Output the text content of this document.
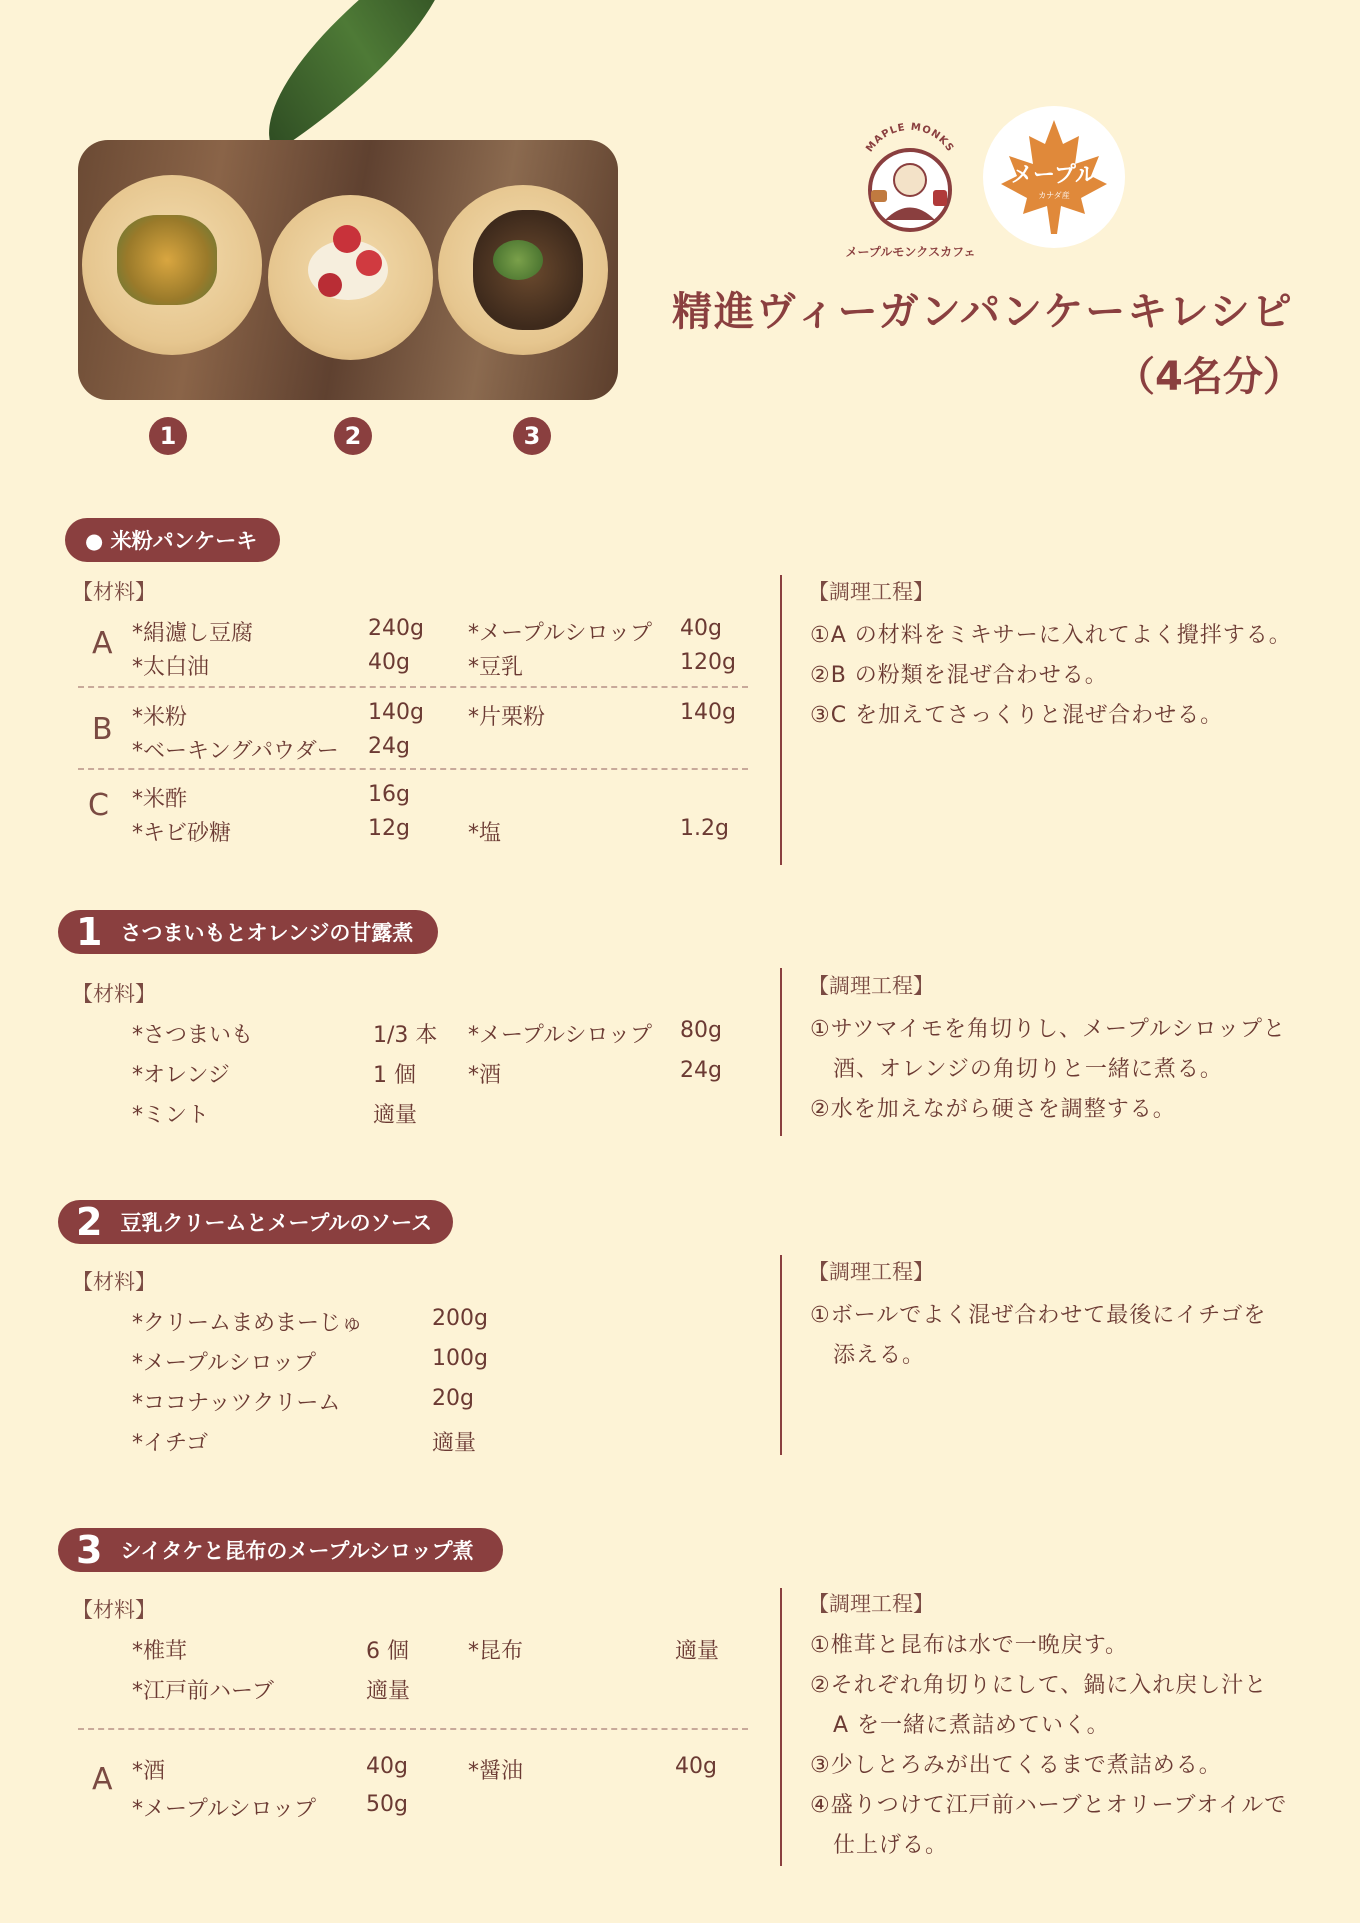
1	2	3
MAPLE MONKS
メープルモンクスカフェ
メープル
カナダ産
精進ヴィーガンパンケーキレシピ
（4名分）
● 米粉パンケーキ
【材料】
A *絹濾し豆腐	240g *メープルシロップ 40g
*太白油	40g	*豆乳	120g
B *米粉	140g *片栗粉	140g
*ベーキングパウダー 24g
C *米酢	16g
*キビ砂糖	12g	*塩	1.2g
【調理工程】
①A の材料をミキサーに入れてよく攪拌する。
②B の粉類を混ぜ合わせる。
③C を加えてさっくりと混ぜ合わせる。
1 さつまいもとオレンジの甘露煮
【材料】
*さつまいも	1/3 本 *メープルシロップ 80g
*オレンジ	1 個 *酒	24g
*ミント	適量
【調理工程】
①サツマイモを角切りし、メープルシロップと
　酒、オレンジの角切りと一緒に煮る。
②水を加えながら硬さを調整する。
2 豆乳クリームとメープルのソース
【材料】
*クリームまめまーじゅ	200g
*メープルシロップ	100g
*ココナッツクリーム	20g
*イチゴ	適量
【調理工程】
①ボールでよく混ぜ合わせて最後にイチゴを
　添える。
3 シイタケと昆布のメープルシロップ煮
【材料】
*椎茸	6 個	*昆布	適量
*江戸前ハーブ	適量
A *酒	40g	*醤油	40g
*メープルシロップ 50g
【調理工程】
①椎茸と昆布は水で一晩戻す。
②それぞれ角切りにして、鍋に入れ戻し汁と
　A を一緒に煮詰めていく。
③少しとろみが出てくるまで煮詰める。
④盛りつけて江戸前ハーブとオリーブオイルで
　仕上げる。
